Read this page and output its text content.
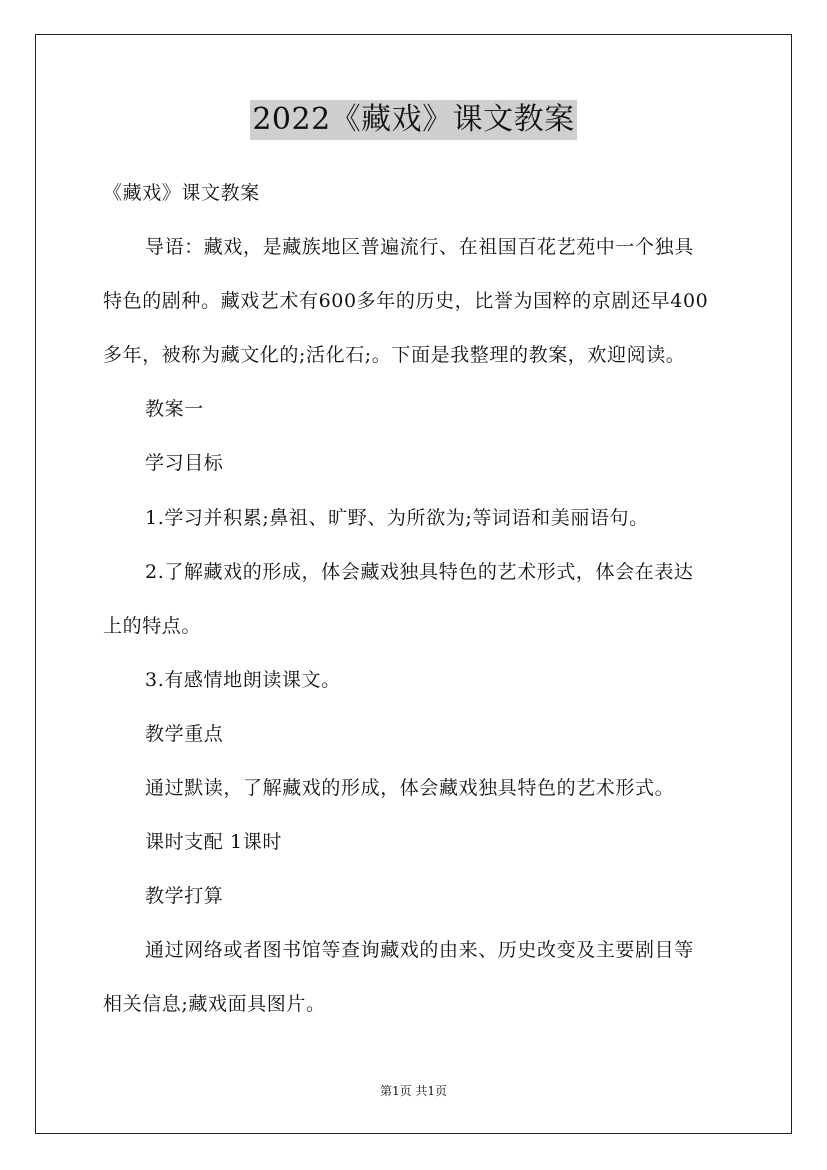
2022《藏戏》课文教案
《藏戏》课文教案
导语：藏戏，是藏族地区普遍流行、在祖国百花艺苑中一个独具
特色的剧种。藏戏艺术有600多年的历史，比誉为国粹的京剧还早400
多年，被称为藏文化的;活化石;。下面是我整理的教案，欢迎阅读。
教案一
学习目标
1.学习并积累;鼻祖、旷野、为所欲为;等词语和美丽语句。
2.了解藏戏的形成，体会藏戏独具特色的艺术形式，体会在表达
上的特点。
3.有感情地朗读课文。
教学重点
通过默读，了解藏戏的形成，体会藏戏独具特色的艺术形式。
课时支配 1课时
教学打算
通过网络或者图书馆等查询藏戏的由来、历史改变及主要剧目等
相关信息;藏戏面具图片。
第1页 共1页
